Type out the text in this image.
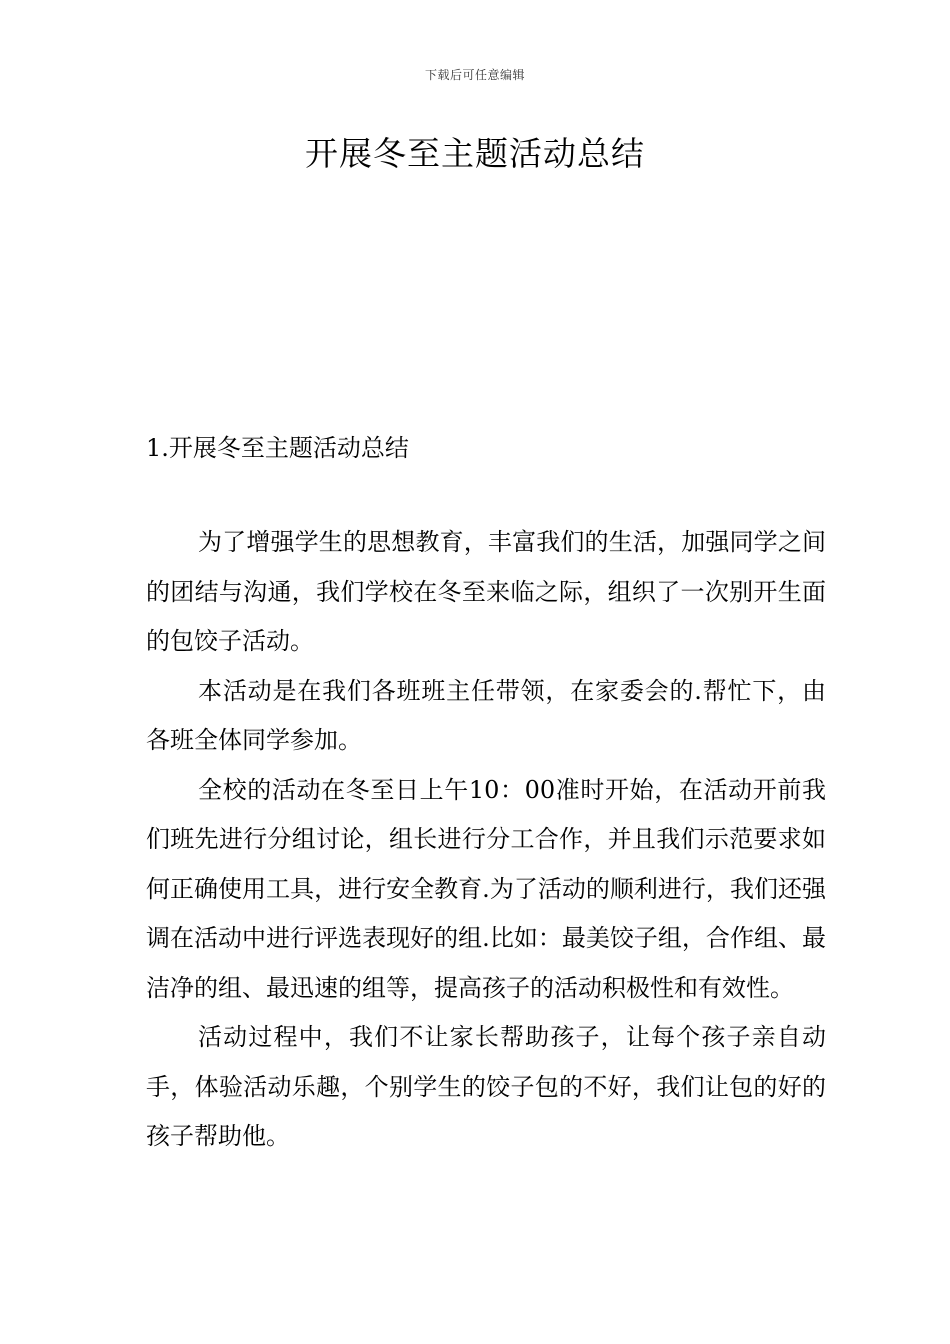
下载后可任意编辑
开展冬至主题活动总结

1.开展冬至主题活动总结

为了增强学生的思想教育，丰富我们的生活，加强同学之间的团结与沟通，我们学校在冬至来临之际，组织了一次别开生面的包饺子活动。

本活动是在我们各班班主任带领，在家委会的.帮忙下，由各班全体同学参加。

全校的活动在冬至日上午10：00准时开始，在活动开前我们班先进行分组讨论，组长进行分工合作，并且我们示范要求如何正确使用工具，进行安全教育.为了活动的顺利进行，我们还强调在活动中进行评选表现好的组.比如：最美饺子组，合作组、最洁净的组、最迅速的组等，提高孩子的活动积极性和有效性。

活动过程中，我们不让家长帮助孩子，让每个孩子亲自动手，体验活动乐趣，个别学生的饺子包的不好，我们让包的好的孩子帮助他。
